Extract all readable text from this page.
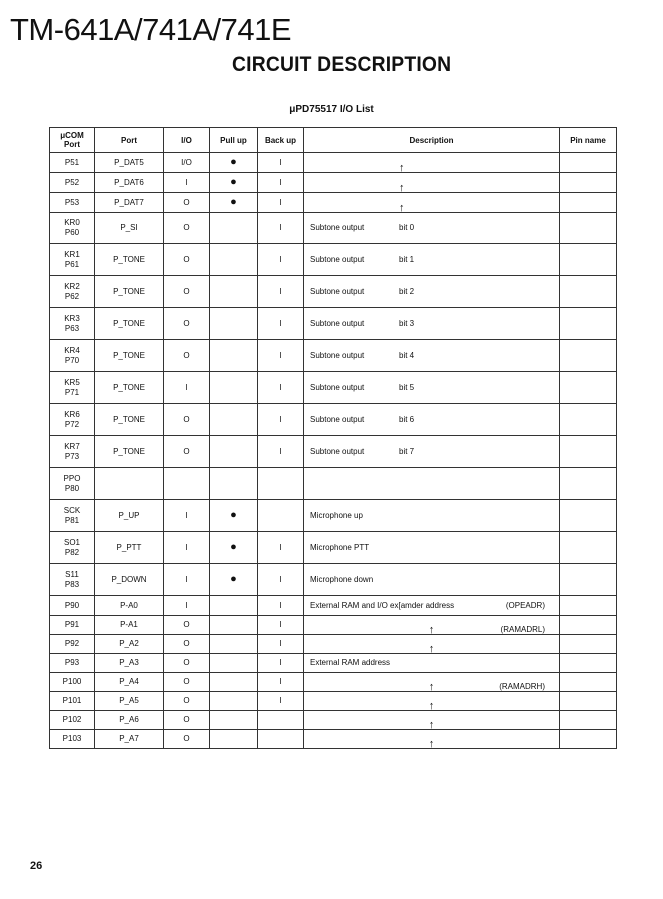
TM-641A/741A/741E
CIRCUIT DESCRIPTION
μPD75517 I/O List
μCOM Port	Port	I/O	Pull up	Back up	Description	Pin name
P51	P_DAT5	I/O	●	I	↑	

P52	P_DAT6	I	●	I	↑	

P53	P_DAT7	O	●	I	↑	

KR0 P60	P_SI	O		I	Subtone output bit 0	

KR1 P61	P_TONE	O		I	Subtone output bit 1	

KR2 P62	P_TONE	O		I	Subtone output bit 2	

KR3 P63	P_TONE	O		I	Subtone output bit 3	

KR4 P70	P_TONE	O		I	Subtone output bit 4	

KR5 P71	P_TONE	I		I	Subtone output bit 5	

KR6 P72	P_TONE	O		I	Subtone output bit 6	

KR7 P73	P_TONE	O		I	Subtone output bit 7	

PPO P80						
SCK P81	P_UP	I	●		Microphone up	
SO1 P82	P_PTT	I	●	I	Microphone PTT	
S11 P83	P_DOWN	I	●	I	Microphone down	
P90	P-A0	I		I	External RAM and I/O ex[amder address (OPEADR)	

P91	P-A1	O		I	↑ (RAMADRL)	

P92	P_A2	O		I	↑	

P93	P_A3	O		I	External RAM address	
P100	P_A4	O		I	↑ (RAMADRH)	

P101	P_A5	O		I	↑	

P102	P_A6	O			↑	

P103	P_A7	O			↑	

26
